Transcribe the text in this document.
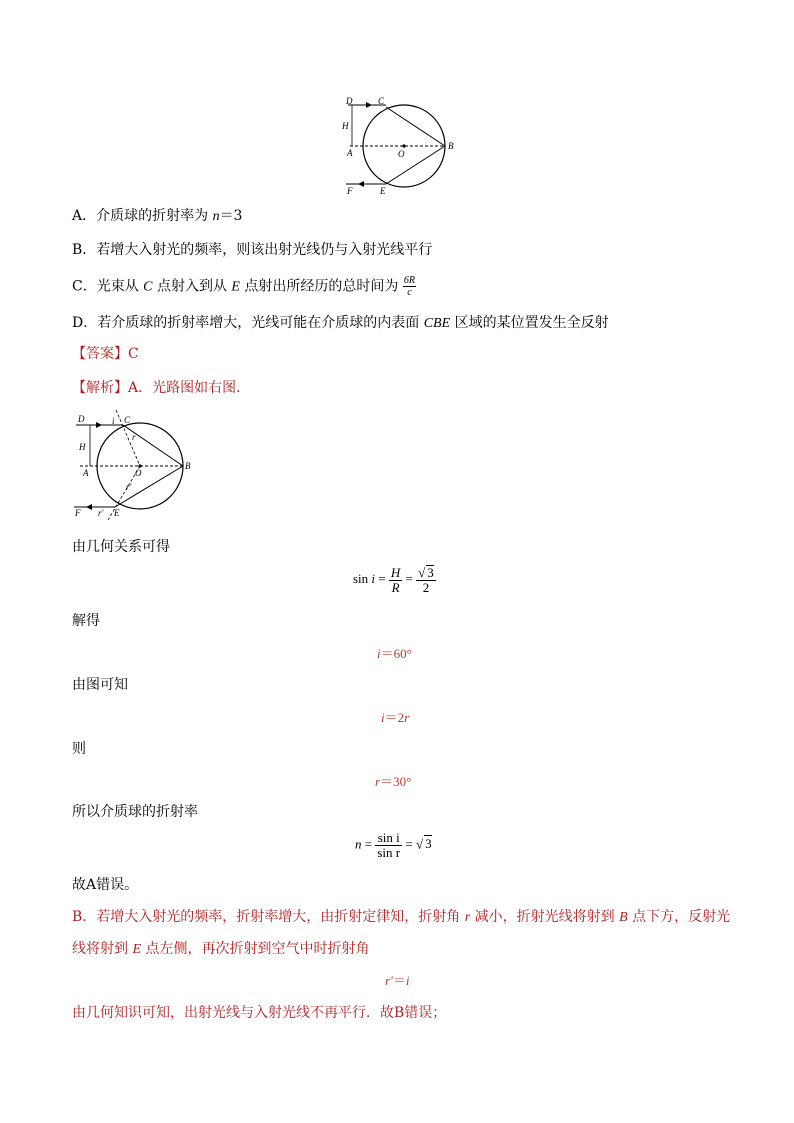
D	C
H
A	O
B
F	E
A．介质球的折射率为 n＝3
B．若增大入射光的频率，则该出射光线仍与入射光线平行
C．光束从 C 点射入到从 E 点射出所经历的总时间为 $\frac{6R}{c}$
D．若介质球的折射率增大，光线可能在介质球的内表面 CBE 区域的某位置发生全反射
【答案】C
【解析】A．光路图如右图．
D	i C
r
H
A	O
B
r'
F r' E
由几何关系可得
$\sin i = \frac{H}{R} = \frac{√ 3}{2}$
解得
i＝60°
由图可知
i＝2r
则
r＝30°
所以介质球的折射率
$n = \frac{\text{sin i}}{\text{sin r}}$ = √ 3
故A错误。
B．若增大入射光的频率，折射率增大，由折射定律知，折射角 r 减小，折射光线将射到 B 点下方，反射光
线将射到 E 点左侧，再次折射到空气中时折射角
r′＝i
由几何知识可知，出射光线与入射光线不再平行．故B错误；
